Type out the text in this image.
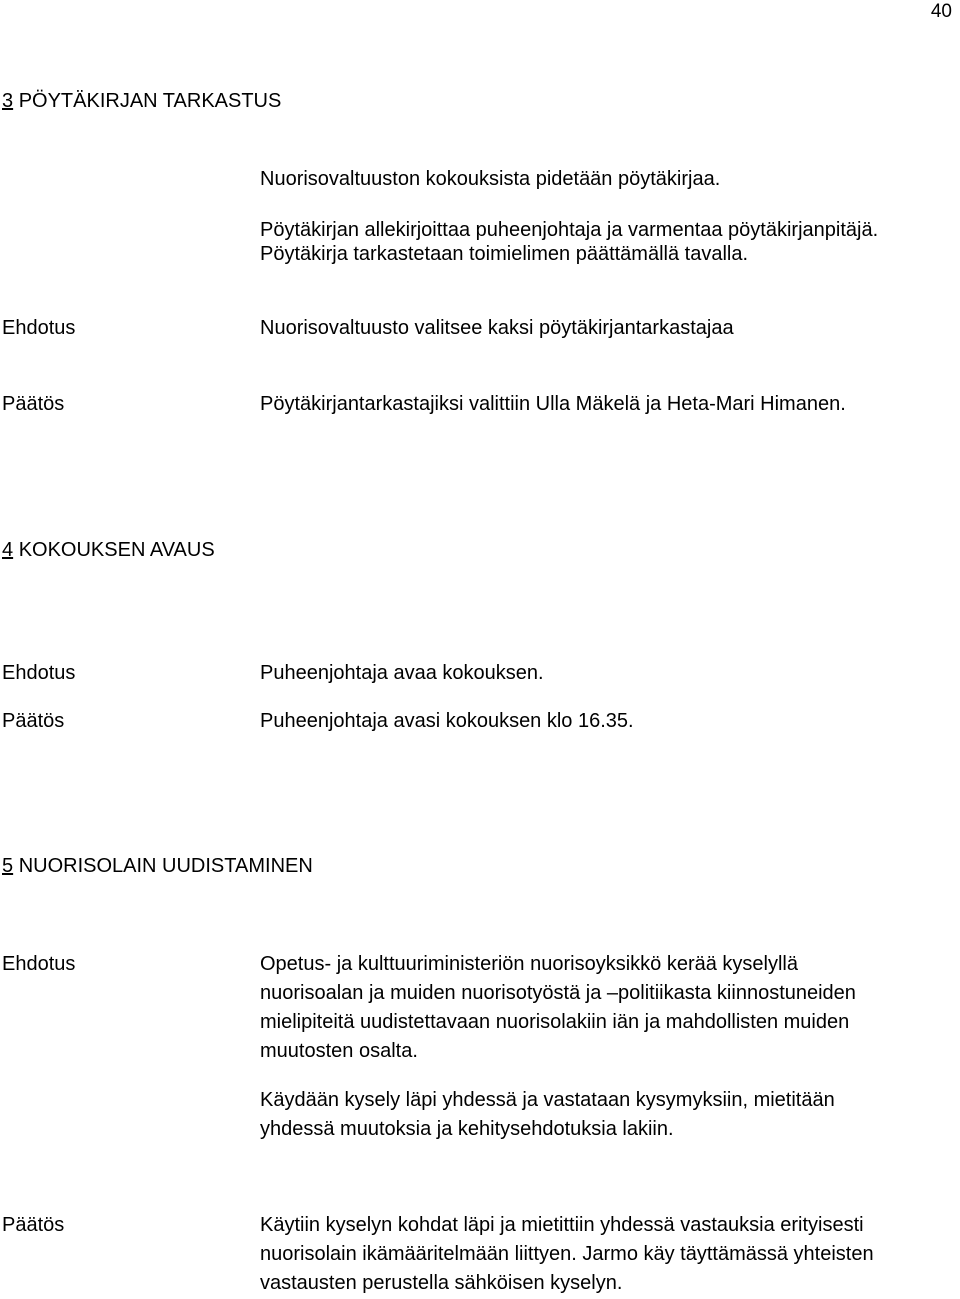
40
3 PÖYTÄKIRJAN TARKASTUS
Nuorisovaltuuston kokouksista pidetään pöytäkirjaa.
Pöytäkirjan allekirjoittaa puheenjohtaja ja varmentaa pöytäkirjanpitäjä.
Pöytäkirja tarkastetaan toimielimen päättämällä tavalla.
Ehdotus	Nuorisovaltuusto valitsee kaksi pöytäkirjantarkastajaa
Päätös	Pöytäkirjantarkastajiksi valittiin Ulla Mäkelä ja Heta-Mari Himanen.
4 KOKOUKSEN AVAUS
Ehdotus	Puheenjohtaja avaa kokouksen.
Päätös	Puheenjohtaja avasi kokouksen klo 16.35.
5 NUORISOLAIN UUDISTAMINEN
Ehdotus	Opetus- ja kulttuuriministeriön nuorisoyksikkö kerää kyselyllä
nuorisoalan ja muiden nuorisotyöstä ja –politiikasta kiinnostuneiden
mielipiteitä uudistettavaan nuorisolakiin iän ja mahdollisten muiden
muutosten osalta.
Käydään kysely läpi yhdessä ja vastataan kysymyksiin, mietitään
yhdessä muutoksia ja kehitysehdotuksia lakiin.
Päätös	Käytiin kyselyn kohdat läpi ja mietittiin yhdessä vastauksia erityisesti
nuorisolain ikämääritelmään liittyen. Jarmo käy täyttämässä yhteisten
vastausten perustella sähköisen kyselyn.
